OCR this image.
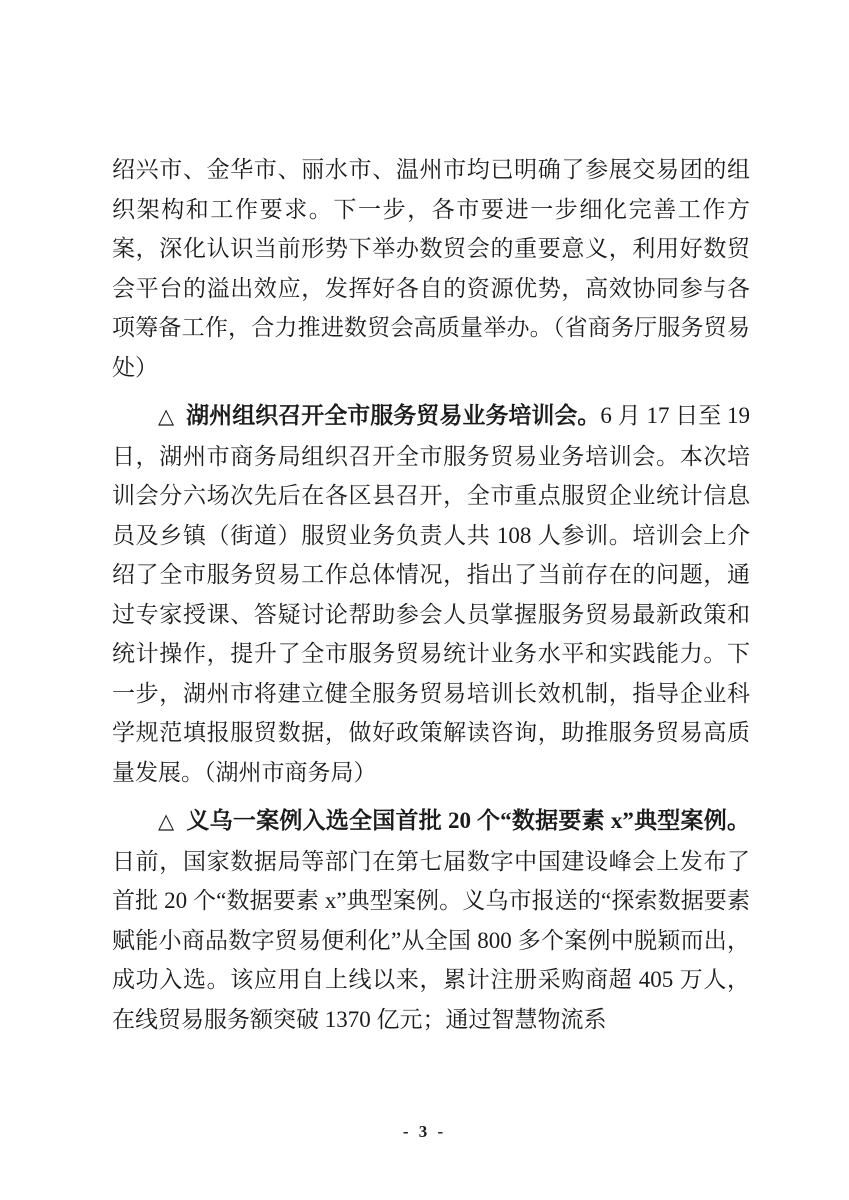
绍兴市、金华市、丽水市、温州市均已明确了参展交易团的组织架构和工作要求。下一步，各市要进一步细化完善工作方案，深化认识当前形势下举办数贸会的重要意义，利用好数贸会平台的溢出效应，发挥好各自的资源优势，高效协同参与各项筹备工作，合力推进数贸会高质量举办。（省商务厅服务贸易处）

△ 湖州组织召开全市服务贸易业务培训会。6 月 17 日至 19 日，湖州市商务局组织召开全市服务贸易业务培训会。本次培训会分六场次先后在各区县召开，全市重点服贸企业统计信息员及乡镇（街道）服贸业务负责人共 108 人参训。培训会上介绍了全市服务贸易工作总体情况，指出了当前存在的问题，通过专家授课、答疑讨论帮助参会人员掌握服务贸易最新政策和统计操作，提升了全市服务贸易统计业务水平和实践能力。下一步，湖州市将建立健全服务贸易培训长效机制，指导企业科学规范填报服贸数据，做好政策解读咨询，助推服务贸易高质量发展。（湖州市商务局）

△ 义乌一案例入选全国首批 20 个“数据要素 x”典型案例。日前，国家数据局等部门在第七届数字中国建设峰会上发布了首批 20 个“数据要素 x”典型案例。义乌市报送的“探索数据要素赋能小商品数字贸易便利化”从全国 800 多个案例中脱颖而出，成功入选。该应用自上线以来，累计注册采购商超 405 万人，在线贸易服务额突破 1370 亿元；通过智慧物流系

- 3 -
